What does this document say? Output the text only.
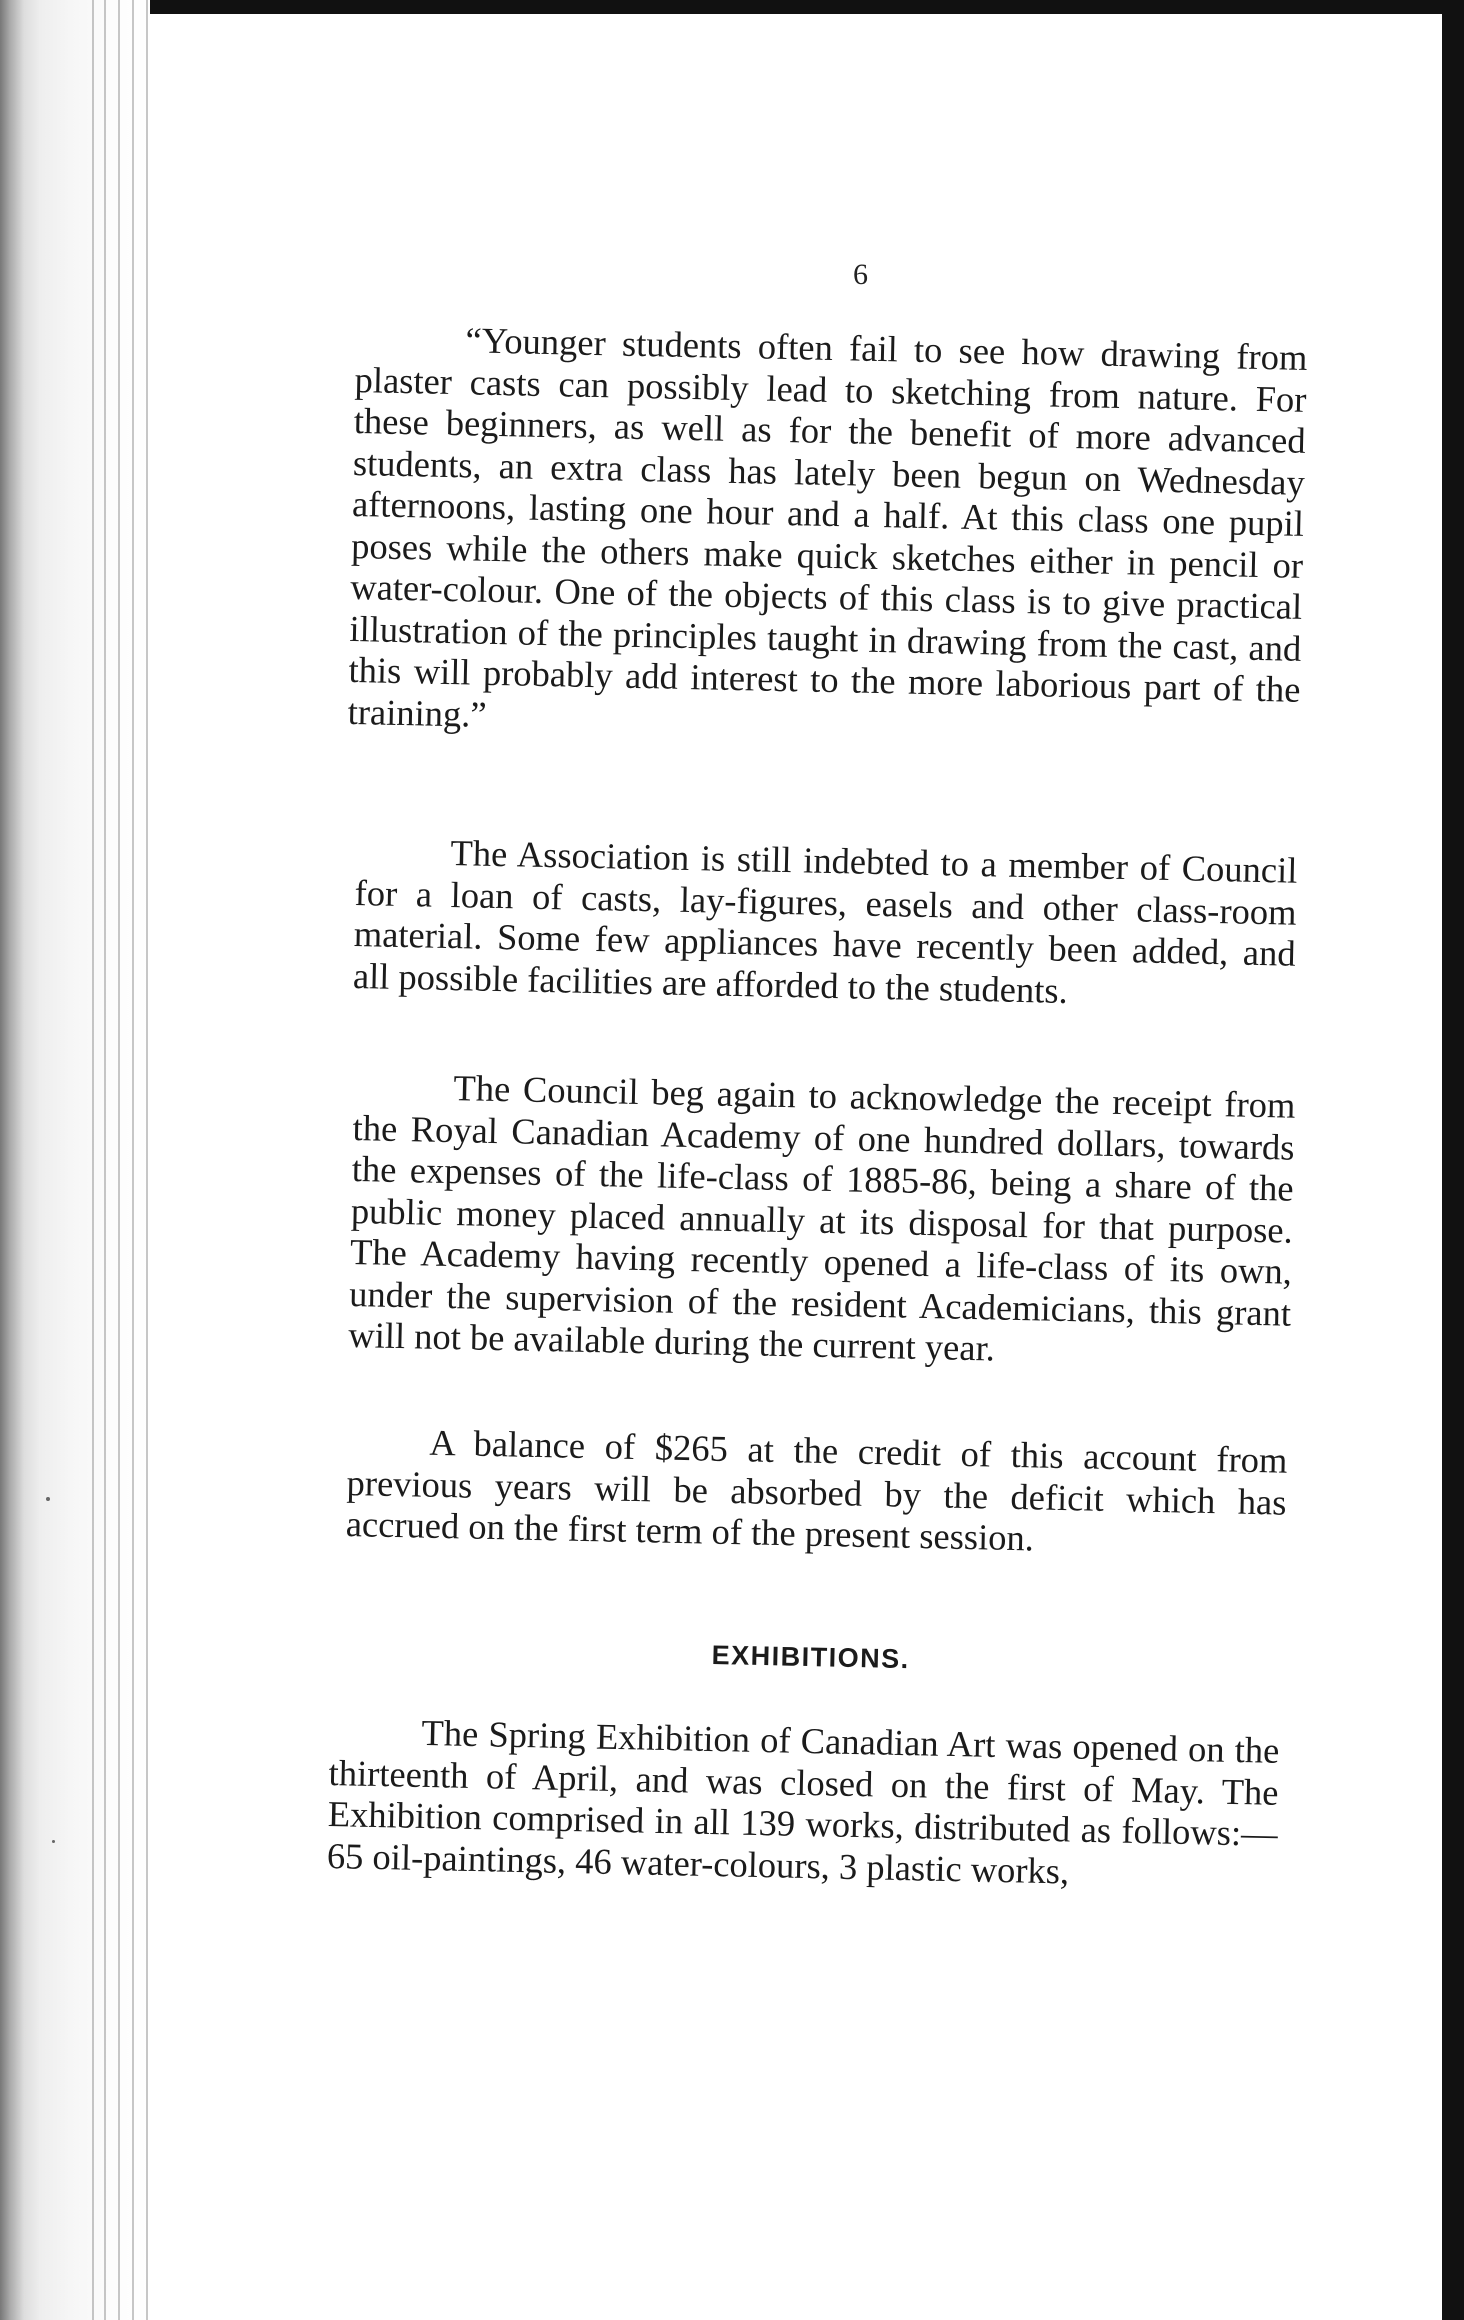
6

“Younger students often fail to see how drawing from plaster casts can possibly lead to sketching from nature. For these beginners, as well as for the benefit of more advanced students, an extra class has lately been begun on Wednesday afternoons, lasting one hour and a half. At this class one pupil poses while the others make quick sketches either in pencil or water-colour. One of the objects of this class is to give practical illustration of the principles taught in drawing from the cast, and this will probably add interest to the more laborious part of the training.”

The Association is still indebted to a member of Council for a loan of casts, lay-figures, easels and other class-room material. Some few appliances have recently been added, and all possible facilities are afforded to the students.

The Council beg again to acknowledge the receipt from the Royal Canadian Academy of one hundred dollars, towards the expenses of the life-class of 1885-86, being a share of the public money placed annually at its disposal for that purpose. The Academy having recently opened a life-class of its own, under the supervision of the resident Academicians, this grant will not be available during the current year.

A balance of $265 at the credit of this account from previous years will be absorbed by the deficit which has accrued on the first term of the present session.

EXHIBITIONS.

The Spring Exhibition of Canadian Art was opened on the thirteenth of April, and was closed on the first of May. The Exhibition comprised in all 139 works, distributed as follows:—65 oil-paintings, 46 water-colours, 3 plastic works,
